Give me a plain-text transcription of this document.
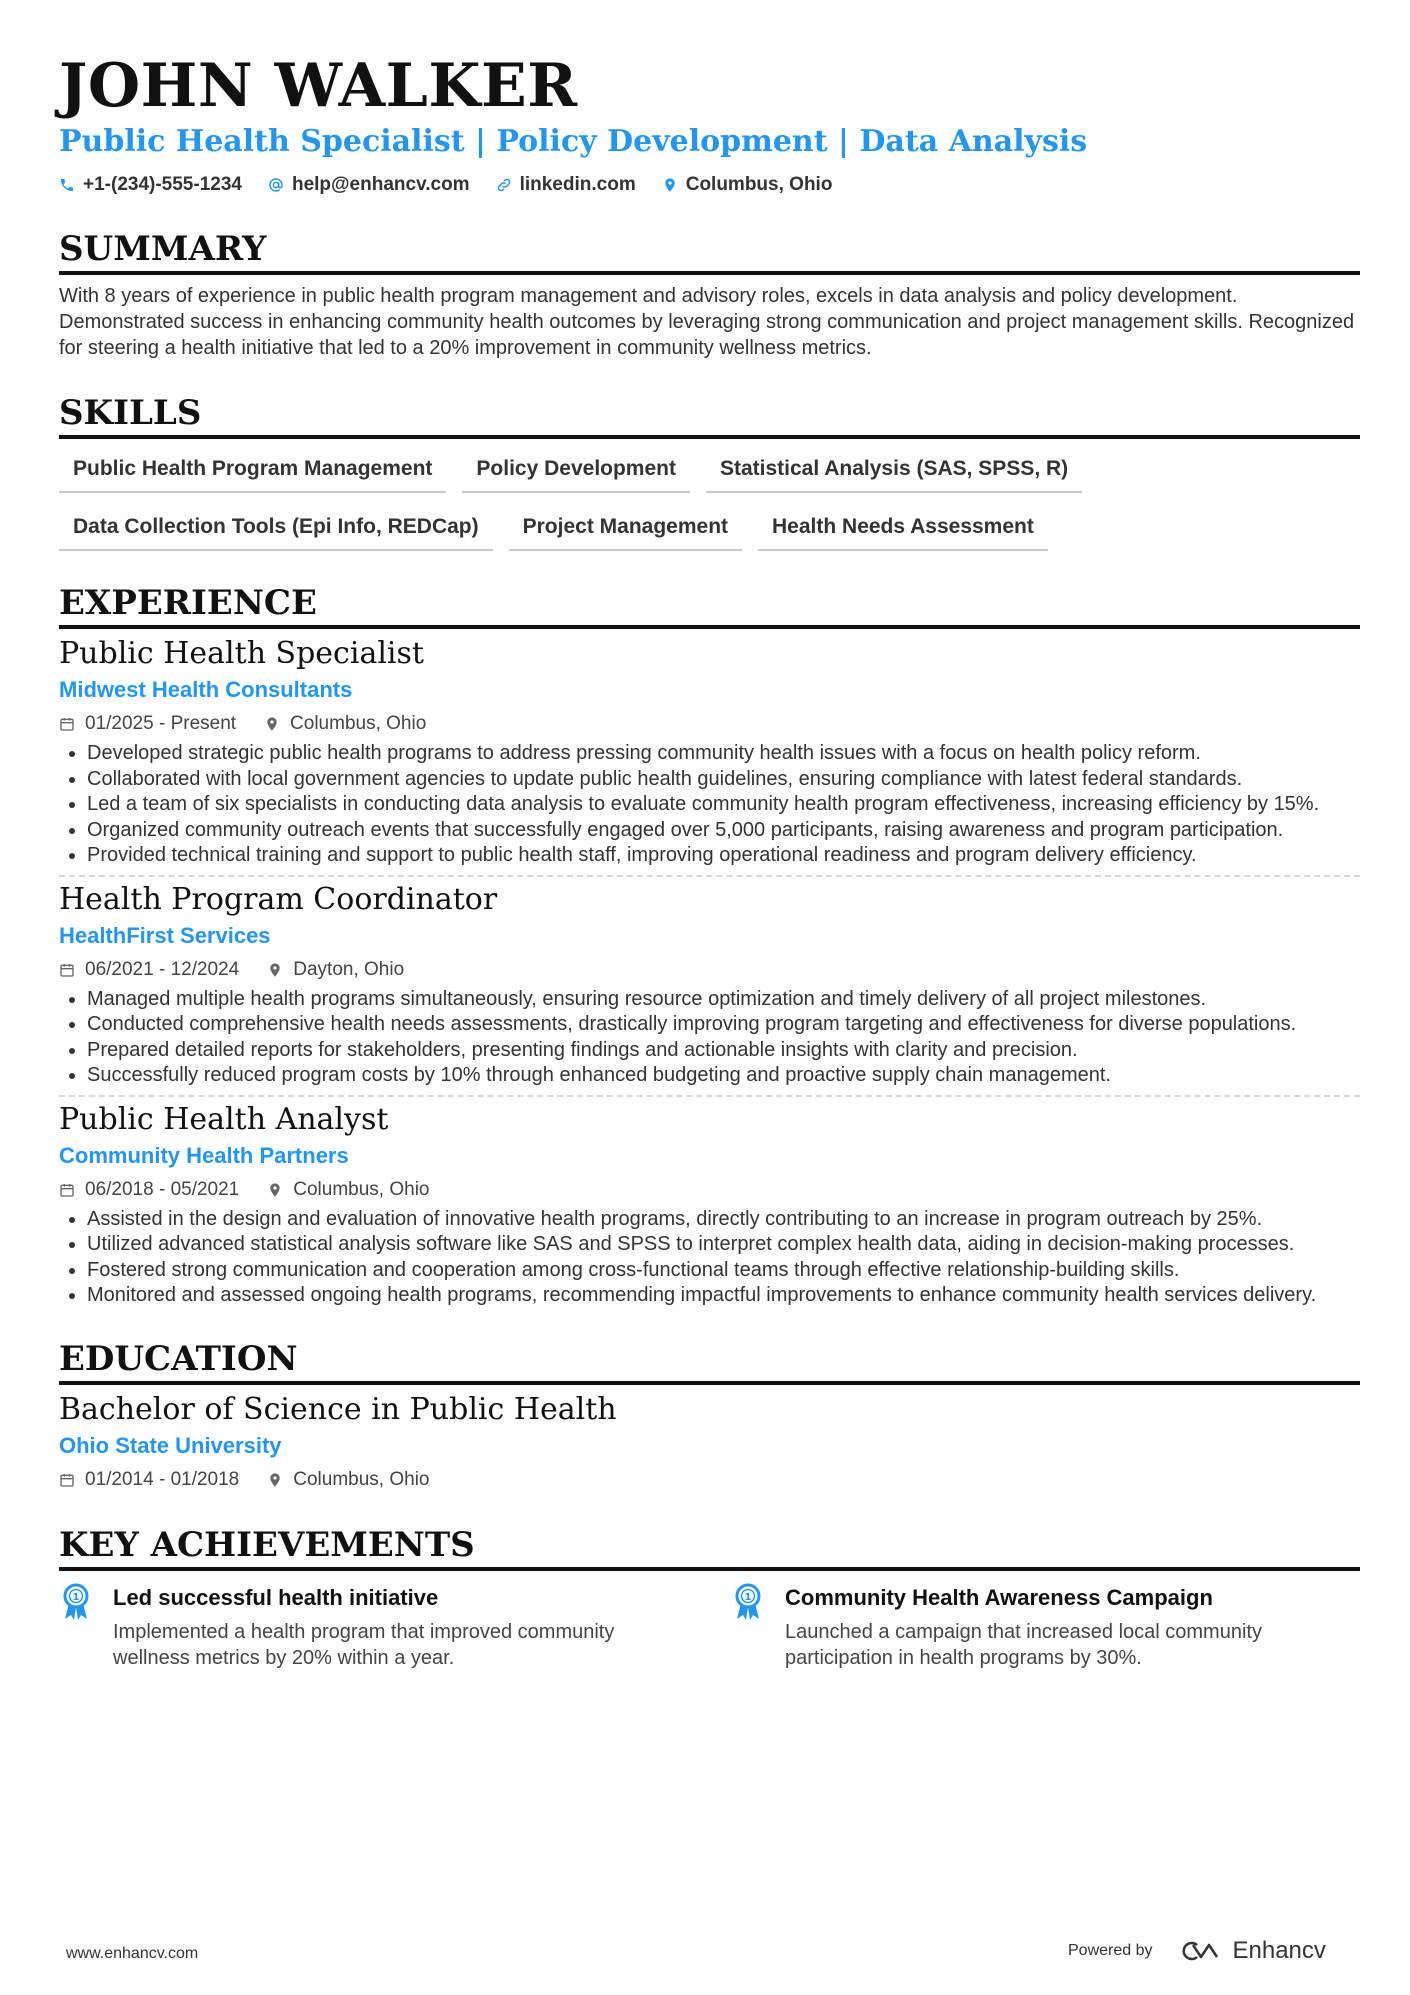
JOHN WALKER
Public Health Specialist | Policy Development | Data Analysis
+1-(234)-555-1234	help@enhancv.com	linkedin.com	Columbus, Ohio
SUMMARY
With 8 years of experience in public health program management and advisory roles, excels in data analysis and policy development. Demonstrated success in enhancing community health outcomes by leveraging strong communication and project management skills. Recognized for steering a health initiative that led to a 20% improvement in community wellness metrics.
SKILLS
Public Health Program Management	Policy Development	Statistical Analysis (SAS, SPSS, R)
Data Collection Tools (Epi Info, REDCap)	Project Management	Health Needs Assessment
EXPERIENCE
Public Health Specialist
Midwest Health Consultants
01/2025 - Present	Columbus, Ohio
• Developed strategic public health programs to address pressing community health issues with a focus on health policy reform.
• Collaborated with local government agencies to update public health guidelines, ensuring compliance with latest federal standards.
• Led a team of six specialists in conducting data analysis to evaluate community health program effectiveness, increasing efficiency by 15%.
• Organized community outreach events that successfully engaged over 5,000 participants, raising awareness and program participation.
• Provided technical training and support to public health staff, improving operational readiness and program delivery efficiency.
Health Program Coordinator
HealthFirst Services
06/2021 - 12/2024	Dayton, Ohio
• Managed multiple health programs simultaneously, ensuring resource optimization and timely delivery of all project milestones.
• Conducted comprehensive health needs assessments, drastically improving program targeting and effectiveness for diverse populations.
• Prepared detailed reports for stakeholders, presenting findings and actionable insights with clarity and precision.
• Successfully reduced program costs by 10% through enhanced budgeting and proactive supply chain management.
Public Health Analyst
Community Health Partners
06/2018 - 05/2021	Columbus, Ohio
• Assisted in the design and evaluation of innovative health programs, directly contributing to an increase in program outreach by 25%.
• Utilized advanced statistical analysis software like SAS and SPSS to interpret complex health data, aiding in decision-making processes.
• Fostered strong communication and cooperation among cross-functional teams through effective relationship-building skills.
• Monitored and assessed ongoing health programs, recommending impactful improvements to enhance community health services delivery.
EDUCATION
Bachelor of Science in Public Health
Ohio State University
01/2014 - 01/2018	Columbus, Ohio
KEY ACHIEVEMENTS
1 Led successful health initiative
Implemented a health program that improved community wellness metrics by 20% within a year.
1 Community Health Awareness Campaign
Launched a campaign that increased local community participation in health programs by 30%.
www.enhancv.com	Powered by	Enhancv
